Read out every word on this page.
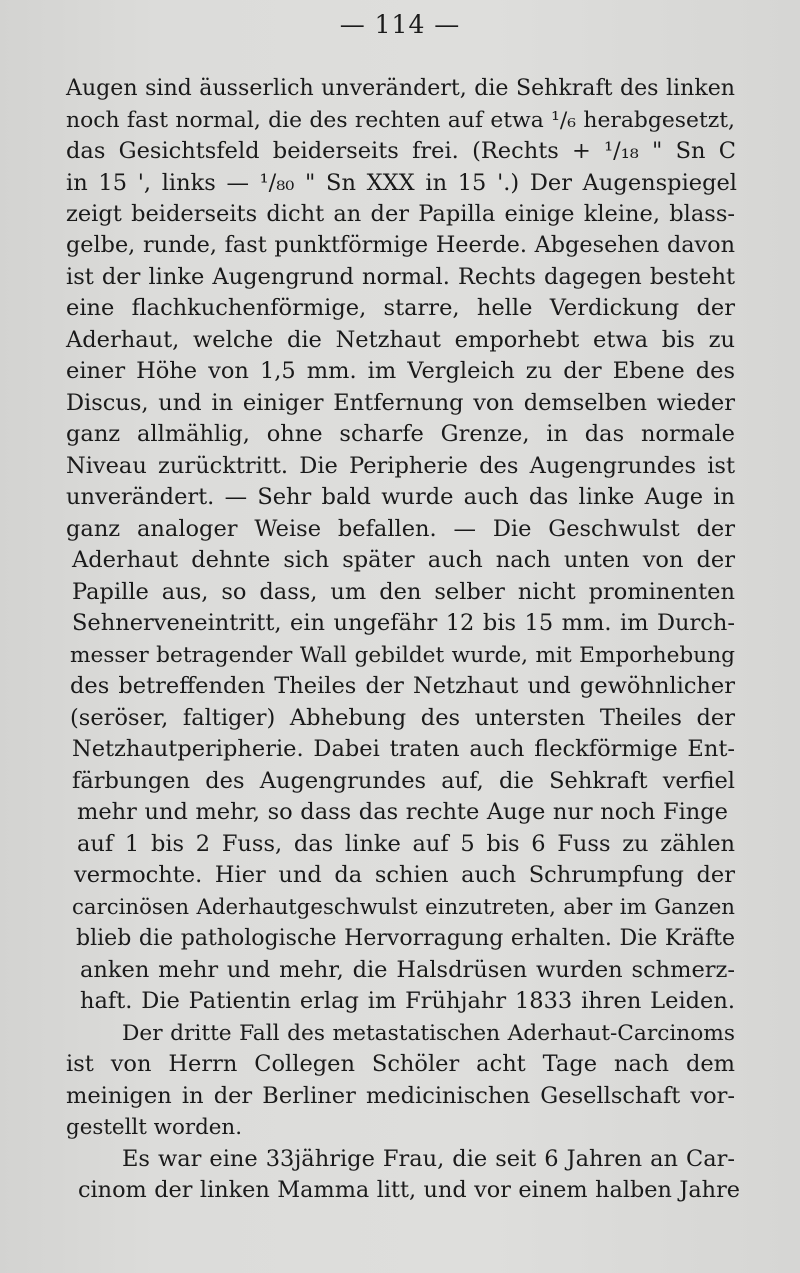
— 114 —
Augen sind äusserlich unverändert, die Sehkraft des linken
noch fast normal, die des rechten auf etwa ¹/₆ herabgesetzt,
das Gesichtsfeld beiderseits frei. (Rechts + ¹/₁₈ " Sn C
in 15 ', links — ¹/₈₀ " Sn XXX in 15 '.) Der Augenspiegel
zeigt beiderseits dicht an der Papilla einige kleine, blass-
gelbe, runde, fast punktförmige Heerde. Abgesehen davon
ist der linke Augengrund normal. Rechts dagegen besteht
eine flachkuchenförmige, starre, helle Verdickung der
Aderhaut, welche die Netzhaut emporhebt etwa bis zu
einer Höhe von 1,5 mm. im Vergleich zu der Ebene des
Discus, und in einiger Entfernung von demselben wieder
ganz allmählig, ohne scharfe Grenze, in das normale
Niveau zurücktritt. Die Peripherie des Augengrundes ist
unverändert. — Sehr bald wurde auch das linke Auge in
ganz analoger Weise befallen. — Die Geschwulst der
Aderhaut dehnte sich später auch nach unten von der
Papille aus, so dass, um den selber nicht prominenten
Sehnerveneintritt, ein ungefähr 12 bis 15 mm. im Durch-
messer betragender Wall gebildet wurde, mit Emporhebung
des betreffenden Theiles der Netzhaut und gewöhnlicher
(seröser, faltiger) Abhebung des untersten Theiles der
Netzhautperipherie. Dabei traten auch fleckförmige Ent-
färbungen des Augengrundes auf, die Sehkraft verfiel
mehr und mehr, so dass das rechte Auge nur noch Finge
auf 1 bis 2 Fuss, das linke auf 5 bis 6 Fuss zu zählen
vermochte. Hier und da schien auch Schrumpfung der
carcinösen Aderhautgeschwulst einzutreten, aber im Ganzen
blieb die pathologische Hervorragung erhalten. Die Kräfte
anken mehr und mehr, die Halsdrüsen wurden schmerz-
haft. Die Patientin erlag im Frühjahr 1833 ihren Leiden.
Der dritte Fall des metastatischen Aderhaut-Carcinoms
ist von Herrn Collegen Schöler acht Tage nach dem
meinigen in der Berliner medicinischen Gesellschaft vor-
gestellt worden.
Es war eine 33jährige Frau, die seit 6 Jahren an Car-
cinom der linken Mamma litt, und vor einem halben Jahre
